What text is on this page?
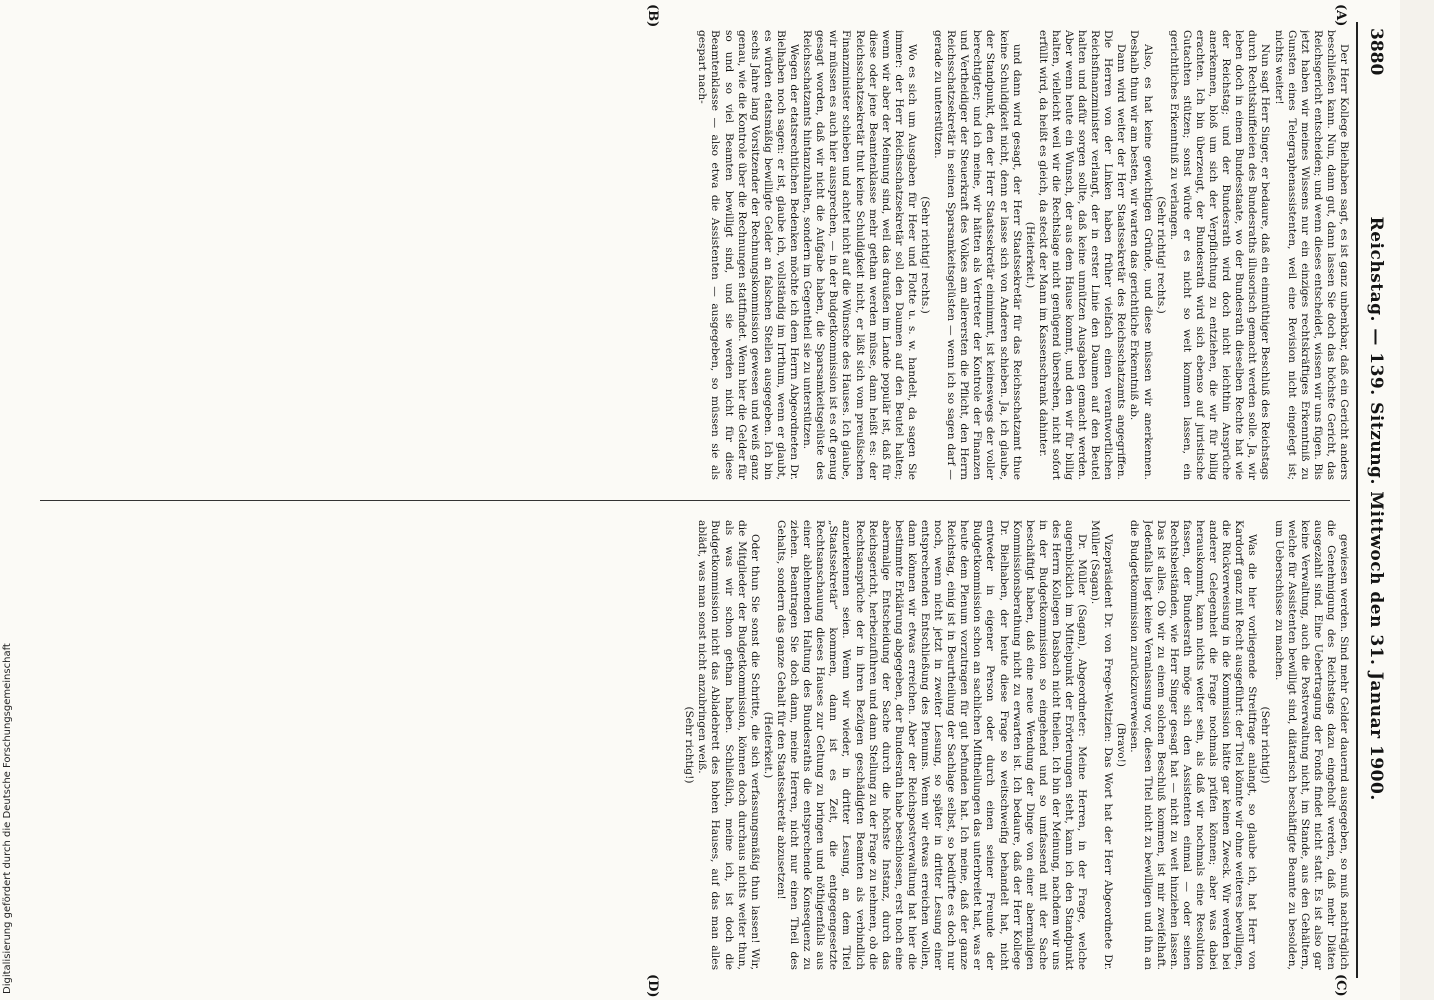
3880
Reichstag. — 139. Sitzung. Mittwoch den 31. Januar 1900.
(A)
(B)
(C)
(D)

Der Herr Kollege Bielhaben sagt, es ist ganz unbenkbar, daß ein Gericht anders beschließen kann. Nun, dann gut, dann lassen Sie doch das höchste Gericht, das Reichsgericht entscheiden; und wenn dieses entscheidet, wissen wir uns fügen. Bis jetzt haben wir meines Wissens nur ein einziges rechtskräftiges Erkenntniß zu Gunsten eines Telegraphenassistenten, weil eine Revision nicht eingelegt ist; nichts weiter!

Nun sagt Herr Singer, er bedaure, daß ein einmüthiger Beschluß des Reichstags durch Rechtskniffeleien des Bundesraths illusorisch gemacht werden solle. Ja, wir leben doch in einem Bundesstaate, wo der Bundesrath dieselben Rechte hat wie der Reichstag; und der Bundesrath wird doch nicht leichthin Ansprüche anerkennen, bloß um sich der Verpflichtung zu entziehen, die wir für billig erachten. Ich bin überzeugt, der Bundesrath wird sich ebenso auf juristische Gutachten stützen; sonst würde er es nicht so weit kommen lassen, ein gerichtliches Erkenntniß zu verlangen.

(Sehr richtig! rechts.)

Also, es hat keine gewichtigen Gründe, und diese müssen wir anerkennen. Deshalb thun wir am besten, wir warten das gerichtliche Erkenntniß ab.

Dann wird weiter der Herr Staatssekretär des Reichsschatzamts angegriffen. Die Herren von der Linken haben früher vielfach einen verantwortlichen Reichsfinanzminister verlangt, der in erster Linie den Daumen auf den Beutel halten und dafür sorgen sollte, daß keine unnützen Ausgaben gemacht werden. Aber wenn heute ein Wunsch, der aus dem Hause kommt, und den wir für billig halten, vielleicht weil wir die Rechtslage nicht genügend übersehen, nicht sofort erfüllt wird, da heißt es gleich, da steckt der Mann im Kassenschrank dahinter.

(Heiterkeit.)

und dann wird gesagt, der Herr Staatssekretär für das Reichsschatzamt thue keine Schuldigkeit nicht, denn er lasse sich von Anderen schieben. Ja, ich glaube, der Standpunkt, den der Herr Staatssekretär einnimmt, ist keineswegs der voller berechtigter; und ich meine, wir hätten als Vertreter der Kontrole der Finanzen und Vertheidiger der Steuerkraft des Volkes am allerersten die Pflicht, den Herrn Reichsschatzsekretär in seinen Sparsamkeitsgelüsten — wenn ich so sagen darf — gerade zu unterstützen.

(Sehr richtig! rechts.)

Wo es sich um Ausgaben für Heer und Flotte u. s. w. handelt, da sagen Sie immer: der Herr Reichsschatzsekretär soll den Daumen auf den Beutel halten; wenn wir aber der Meinung sind, weil das draußen im Lande populär ist, daß für diese oder jene Beamtenklasse mehr gethan werden müsse, dann heißt es: der Reichsschatzsekretär thut keine Schuldigkeit nicht, er läßt sich vom preußischen Finanzminister schieben und achtet nicht auf die Wünsche des Hauses. Ich glaube, wir müssen es auch hier aussprechen, — in der Budgetkommission ist es oft genug gesagt worden, daß wir nicht die Aufgabe haben, die Sparsamkeitsgelüste des Reichsschatzamts hintanzuhalten, sondern im Gegentheil sie zu unterstützen.

Wegen der etatsrechtlichen Bedenken möchte ich dem Herrn Abgeordneten Dr. Bielhaben noch sagen: er ist, glaube ich, vollständig im Irrthum, wenn er glaubt, es würden etatsmäßig bewilligte Gelder an falschen Stellen ausgegeben. Ich bin sechs Jahre lang Vorsitzender der Rechnungskommission gewesen und weiß ganz genau, wie die Kontrole über die Rechnungen stattfindet. Wenn hier die Gelder für so und so viel Beamten bewilligt sind, und sie werden nicht für diese Beamtenklasse — also etwa die Assistenten — ausgegeben, so müssen sie als gespart nach-

gewiesen werden. Sind mehr Gelder dauernd ausgegeben, so muß nachträglich die Genehmigung des Reichstags dazu eingeholt werden, daß mehr Diäten ausgezahlt sind. Eine Uebertragung der Fonds findet nicht statt. Es ist also gar keine Verwaltung, auch die Postverwaltung nicht, im Stande, aus den Gehältern, welche für Assistenten bewilligt sind, diätarisch beschäftigte Beamte zu besolden, um Ueberschüsse zu machen.

(Sehr richtig!)

Was die hier vorliegende Streitfrage anlangt, so glaube ich, hat Herr von Kardorff ganz mit Recht ausgeführt: der Titel könnte wir ohne weiteres bewilligen, die Rückverweisung in die Kommission hätte gar keinen Zweck. Wir werden bei anderer Gelegenheit die Frage nochmals prüfen können; aber was dabei herauskommt, kann nichts weiter sein, als daß wir nochmals eine Resolution fassen, der Bundesrath möge sich den Assistenten einmal — oder seinen Rechtsbeiständen, wie Herr Singer gesagt hat — nicht zu weit hinziehen lassen. Das ist alles. Ob wir zu einem solchen Beschluß kommen, ist mir zweifelhaft. Jedenfalls liegt keine Veranlassung vor, diesen Titel nicht zu bewilligen und ihn an die Budgetkommission zurückzuverweisen.

(Bravo!)

Vizepräsident Dr. von Frege-Weltzien: Das Wort hat der Herr Abgeordnete Dr. Müller (Sagan).

Dr. Müller (Sagan), Abgeordneter: Meine Herren, in der Frage, welche augenblicklich im Mittelpunkt der Erörterungen steht, kann ich den Standpunkt des Herrn Kollegen Dasbach nicht theilen. Ich bin der Meinung, nachdem wir uns in der Budgetkommission so eingehend und so umfassend mit der Sache beschäftigt haben, daß eine neue Wendung der Dinge von einer abermaligen Kommissionsberathung nicht zu erwarten ist. Ich bedaure, daß der Herr Kollege Dr. Bielhaben, der heute diese Frage so weitschweifig behandelt hat, nicht entweder in eigener Person oder durch einen seiner Freunde der Budgetkommission schon an sachlichen Mittheilungen das unterbreitet hat, was er heute dem Plenum vorzutragen für gut befunden hat. Ich meine, daß der ganze Reichstag, einig ist in Beurtheilung der Sachlage selbst, so bedürfte es doch nur noch, wenn nicht jetzt in zweiter Lesung, so später in dritter Lesung einer entsprechenden Entschließung des Plenums. Wenn wir etwas erreichen wollen, dann können wir etwas erreichen. Aber der Reichspostverwaltung hat hier die bestimmte Erklärung abgegeben, der Bundesrath habe beschlossen, erst noch eine abermalige Entscheidung der Sache durch die höchste Instanz, durch das Reichsgericht, herbeizuführen und dann Stellung zu der Frage zu nehmen, ob die Rechtsansprüche der in ihren Bezügen geschädigten Beamten als verbindlich anzuerkennen seien. Wenn wir wieder, in dritter Lesung, an dem Titel „Staatssekretär“ kommen, dann ist es Zeit, die entgegengesetzte Rechtsanschauung dieses Hauses zur Geltung zu bringen und nöthigenfalls aus einer ablehnenden Haltung des Bundesraths die entsprechende Konsequenz zu ziehen. Beantragen Sie doch dann, meine Herren, nicht nur einen Theil des Gehalts, sondern das ganze Gehalt für den Staatssekretär abzusetzen!

(Heiterkeit.)

Oder thun Sie sonst die Schritte, die sich verfassungsmäßig thun lassen! Wir, die Mitglieder der Budgetkommission, können doch durchaus nichts weiter thun, als was wir schon gethan haben. Schließlich, meine ich, ist doch die Budgetkommission nicht das Abladebrett des hohen Hauses, auf das man alles ablädt, was man sonst nicht anzubringen weiß.

(Sehr richtig!)

Digitalisierung gefördert durch die Deutsche Forschungsgemeinschaft
